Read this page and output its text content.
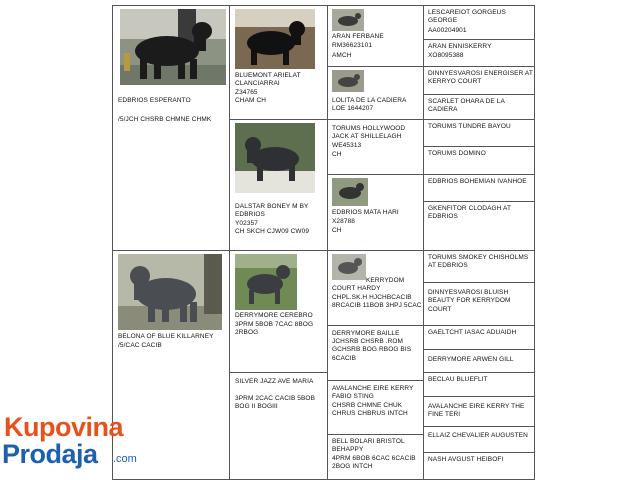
EDBRIOS ESPERANTO
/5/JCH CHSRB CHMNE CHMK
BELONA OF BLUE KILLARNEY
/5/CAC CACIB
BLUEMONT ARIELAT CLANCIARRAI
Z34765
CHAM CH
DALSTAR BONEY M BY EDBRIOS
Y02357
CH SKCH CJW09 CW09
DERRYMORE CEREBRO
3PRM 5BOB 7CAC 8BOG 2RBOG
SILVER JAZZ AVE MARIA
3PRM 2CAC CACIB 5BOB BOG II BOGIII
ARAN FERBANE
RM36623101
AMCH
LOLITA DE LA CADIERA
LOE 1644207
TORUMS HOLLYWOOD JACK AT SHILLELAGH
WE45313
CH
EDBRIOS MATA HARI
X28788
CH
KERRYDOM COURT HARDY
CHPL.SK.H HJCHBCACIB 8RCACIB 11BOB 3HPJ 5CAC
DERRYMORE BAILLE
JCHSRB CHSRB .ROM GCHSRB BOG RBOG BIS 6CACIB
AVALANCHE EIRE KERRY FABIO STING
CHSRB CHMNE CHUK CHRUS CHBRUS INTCH
BELL BOLARI BRISTOL BEHAPPY
4PRM 6BOB 6CAC 6CACIB 2BOG INTCH
LESCAREIOT GORGEUS GEORGE
AA00204901
ARAN ENNISKERRY
XO8095388
DINNYESVAROSI ENERGISER AT KERRYO COURT
SCARLET OHARA DE LA CADIERA
TORUMS TUNDRE BAYOU
TORUMS DOMINO
EDBRIOS BOHEMIAN IVANHOE
GKENFITOR CLODAGH AT EDBRIOS
TORUMS SMOKEY CHISHOLMS AT EDBRIOS
DINNYESVAROSI BLUISH BEAUTY FOR KERRYDOM COURT
GAELTCHT IASAC ADUAIDH
DERRYMORE ARWEN GILL
BECLAU BLUEFLIT
AVALANCHE EIRE KERRY THE FINE TERI
ELLAIZ CHEVALIER AUGUSTEN
NASH AVGUST HEIBOFI
Kupovina
Prodaja .com
